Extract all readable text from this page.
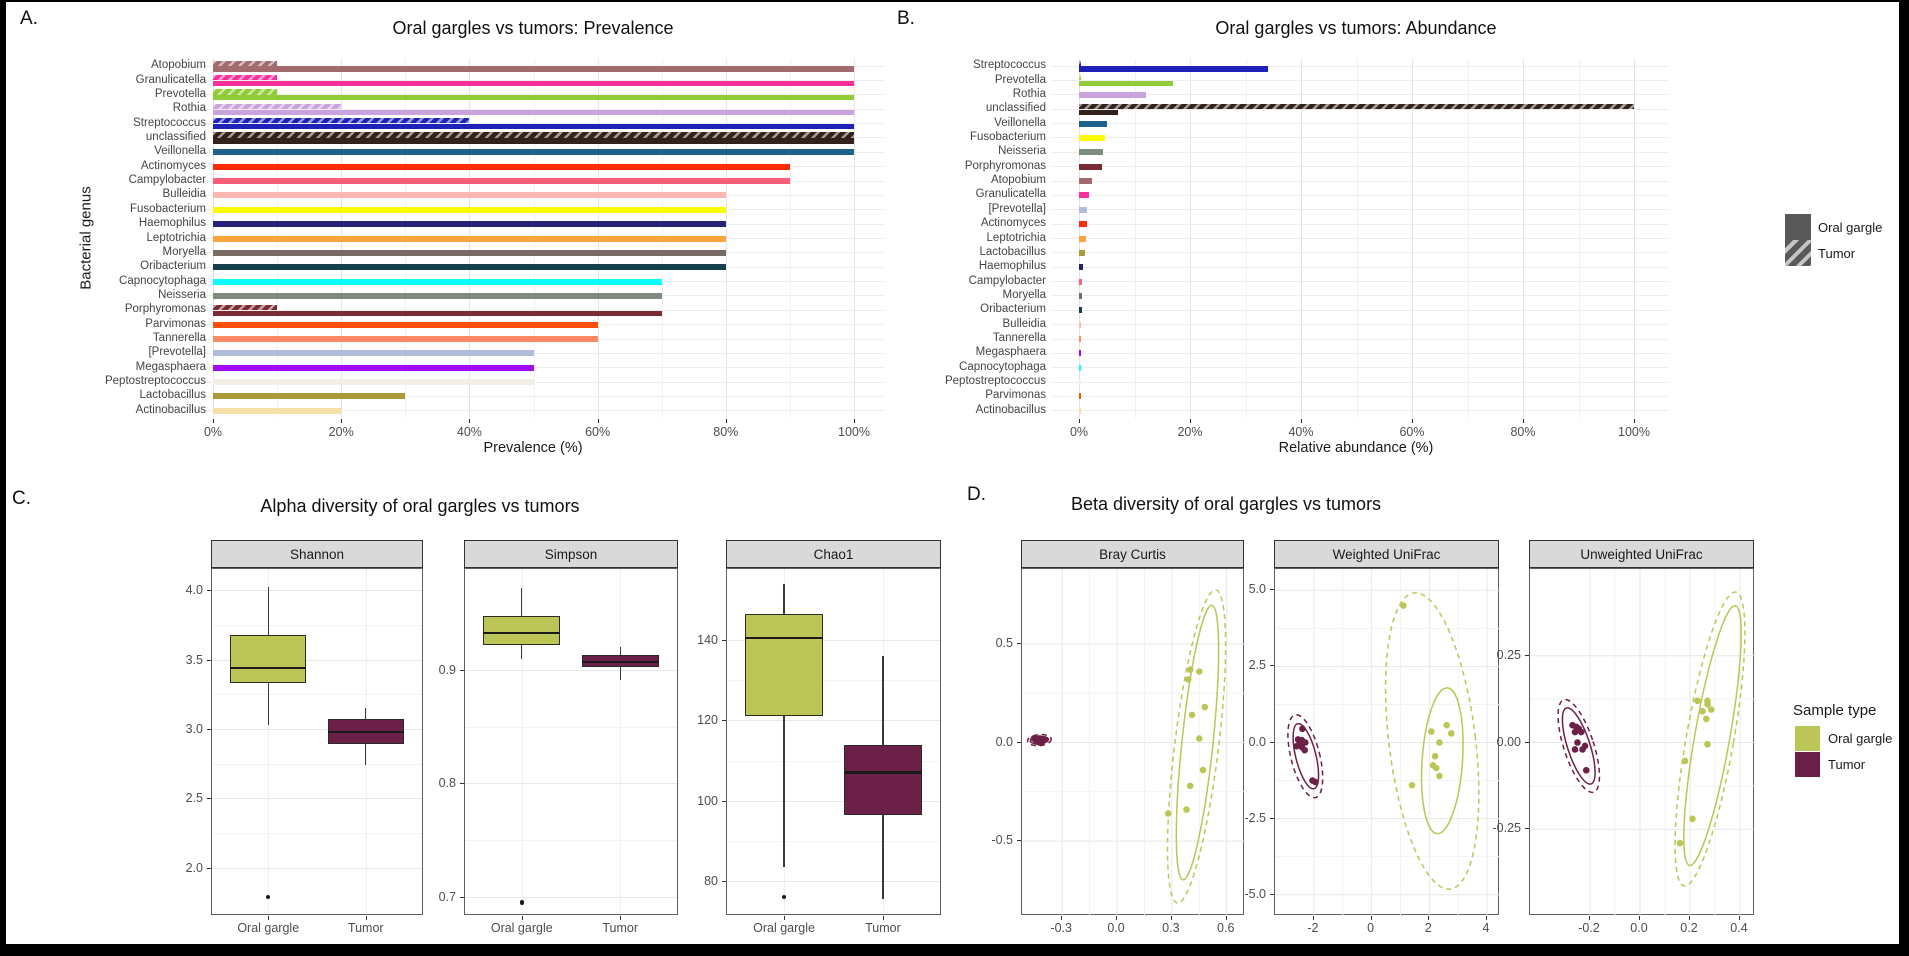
A.	Oral gargles vs tumors: Prevalence
Bacterial genus
Prevalence (%)
B.	Oral gargles vs tumors: Abundance
Relative abundance (%)
Oral gargle
Tumor
C.	Alpha diversity of oral gargles vs tumors
D.	Beta diversity of oral gargles vs tumors
Sample type
Oral gargle
Tumor
Atopobium
Granulicatella
Prevotella
Rothia
Streptococcus
unclassified
Veillonella
Actinomyces
Campylobacter
Bulleidia
Fusobacterium
Haemophilus
Leptotrichia
Moryella
Oribacterium
Capnocytophaga
Neisseria
Porphyromonas
Parvimonas
Tannerella
[Prevotella]
Megasphaera
Peptostreptococcus
Lactobacillus
Actinobacillus
0%	20%	40%	60%	80%	100%
Streptococcus
Prevotella
Rothia
unclassified
Veillonella
Fusobacterium
Neisseria
Porphyromonas
Atopobium
Granulicatella
[Prevotella]
Actinomyces
Leptotrichia
Lactobacillus
Haemophilus
Campylobacter
Moryella
Oribacterium
Bulleidia
Tannerella
Megasphaera
Capnocytophaga
Peptostreptococcus
Parvimonas
Actinobacillus
0%	20%	40%	60%	80%	100%
Shannon
2.0
2.5
3.0
3.5
4.0
Oral gargle	Tumor
Simpson
0.7
0.8
0.9
Oral gargle	Tumor
Chao1
80
100
120
140
Oral gargle	Tumor
Bray Curtis
-0.3	0.0	0.3	0.6
0.5
0.0
-0.5
Weighted UniFrac
-2	0	2	4
5.0
2.5
0.0
-2.5
-5.0
Unweighted UniFrac
-0.2 0.0	0.2	0.4
0.25
0.00
-0.25
